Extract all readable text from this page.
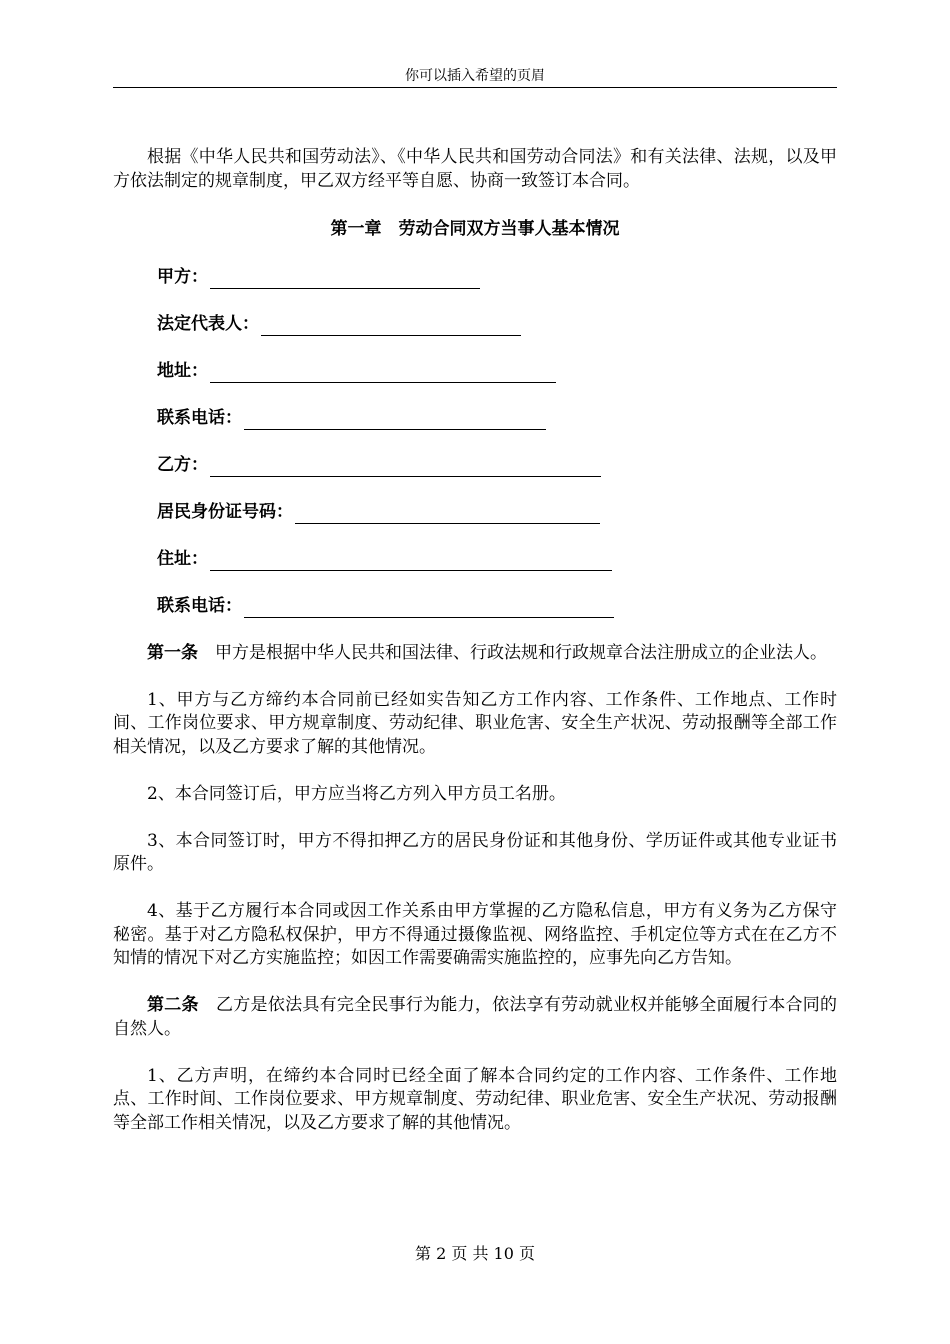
你可以插入希望的页眉

根据《中华人民共和国劳动法》、《中华人民共和国劳动合同法》和有关法律、法规，以及甲方依法制定的规章制度，甲乙双方经平等自愿、协商一致签订本合同。

第一章　劳动合同双方当事人基本情况

甲方：
法定代表人：
地址：
联系电话：
乙方：
居民身份证号码：
住址：
联系电话：

第一条　 甲方是根据中华人民共和国法律、行政法规和行政规章合法注册成立的企业法人。

1、甲方与乙方缔约本合同前已经如实告知乙方工作内容、工作条件、工作地点、工作时间、工作岗位要求、甲方规章制度、劳动纪律、职业危害、安全生产状况、劳动报酬等全部工作相关情况，以及乙方要求了解的其他情况。

2、本合同签订后，甲方应当将乙方列入甲方员工名册。

3、本合同签订时，甲方不得扣押乙方的居民身份证和其他身份、学历证件或其他专业证书原件。

4、基于乙方履行本合同或因工作关系由甲方掌握的乙方隐私信息，甲方有义务为乙方保守秘密。基于对乙方隐私权保护，甲方不得通过摄像监视、网络监控、手机定位等方式在在乙方不知情的情况下对乙方实施监控；如因工作需要确需实施监控的，应事先向乙方告知。

第二条　 乙方是依法具有完全民事行为能力，依法享有劳动就业权并能够全面履行本合同的自然人。

1、乙方声明，在缔约本合同时已经全面了解本合同约定的工作内容、工作条件、工作地点、工作时间、工作岗位要求、甲方规章制度、劳动纪律、职业危害、安全生产状况、劳动报酬等全部工作相关情况，以及乙方要求了解的其他情况。

第 2 页 共 10 页
